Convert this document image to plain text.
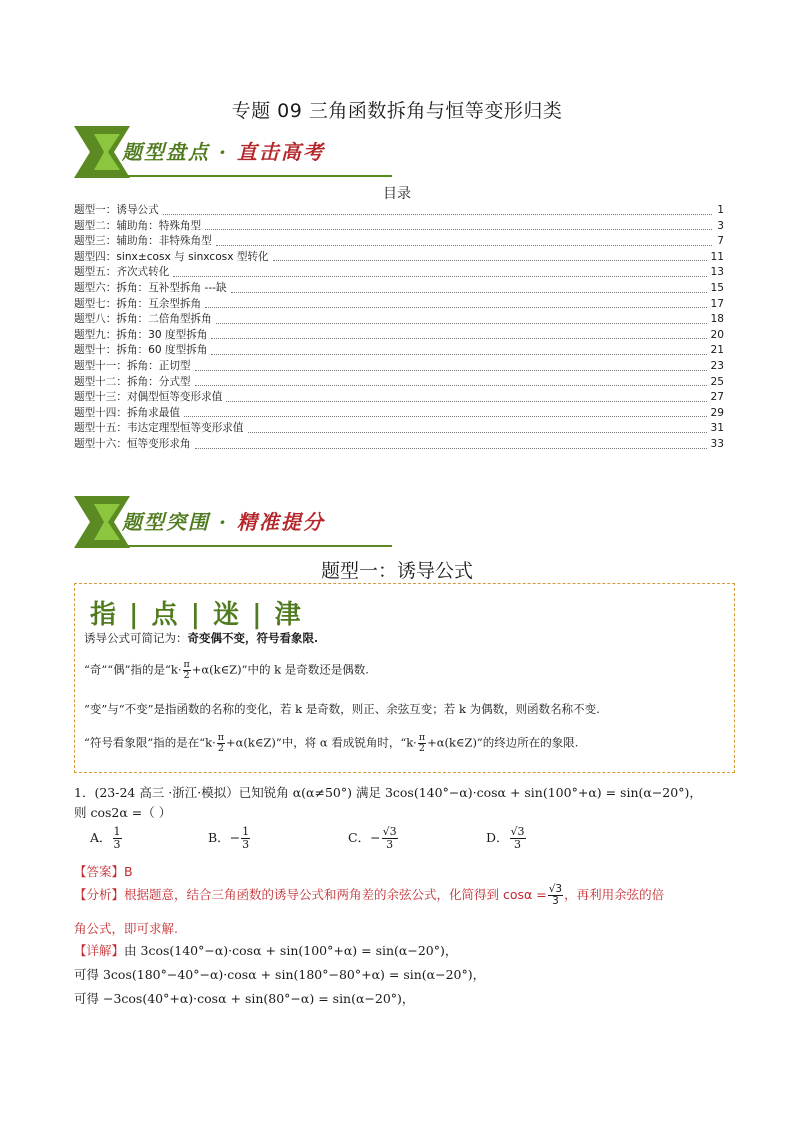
专题 09 三角函数拆角与恒等变形归类
题型盘点 · 直击高考
目录
题型一：诱导公式	1
题型二：辅助角：特殊角型	3
题型三：辅助角：非特殊角型	7
题型四：sinx±cosx 与 sinxcosx 型转化	11
题型五：齐次式转化	13
题型六：拆角：互补型拆角 ---缺	15
题型七：拆角：互余型拆角	17
题型八：拆角：二倍角型拆角	18
题型九：拆角：30 度型拆角	20
题型十：拆角：60 度型拆角	21
题型十一：拆角：正切型	23
题型十二：拆角：分式型	25
题型十三：对偶型恒等变形求值	27
题型十四：拆角求最值	29
题型十五：韦达定理型恒等变形求值	31
题型十六：恒等变形求角	33
题型突围 · 精准提分
题型一：诱导公式
指 | 点 | 迷 | 津
诱导公式可简记为：奇变偶不变，符号看象限.
“奇”“偶”指的是“$k\cdot \frac{\pi}{2}$ +α(k∈Z)”中的 k 是奇数还是偶数.
“变”与“不变”是指函数的名称的变化，若 k 是奇数，则正、余弦互变；若 k 为偶数，则函数名称不变.
“符号看象限”指的是在“$k\cdot \frac{\pi}{2}$ +α(k∈Z)”中，将 α 看成锐角时，“$k\cdot \frac{\pi}{2}$ +α(k∈Z)”的终边所在的象限.
1．(23-24 高三 ·浙江·模拟）已知锐角 α(α≠50°) 满足 3cos(140°−α)·cosα + sin(100°+α) = sin(α−20°)，
则 cos2α =（ ）
A． $\frac{1}{3}$	B．− $\frac{1}{3}$	C．− $\frac{√3}{3}$	D． $\frac{√3}{3}$
【答案】B
【分析】根据题意，结合三角函数的诱导公式和两角差的余弦公式，化简得到 $\cos\alpha = \frac{√3}{3}$ ，再利用余弦的倍
角公式，即可求解.
【详解】由 3cos(140°−α)·cosα + sin(100°+α) = sin(α−20°)，
可得 3cos(180°−40°−α)·cosα + sin(180°−80°+α) = sin(α−20°)，
可得 −3cos(40°+α)·cosα + sin(80°−α) = sin(α−20°)，
